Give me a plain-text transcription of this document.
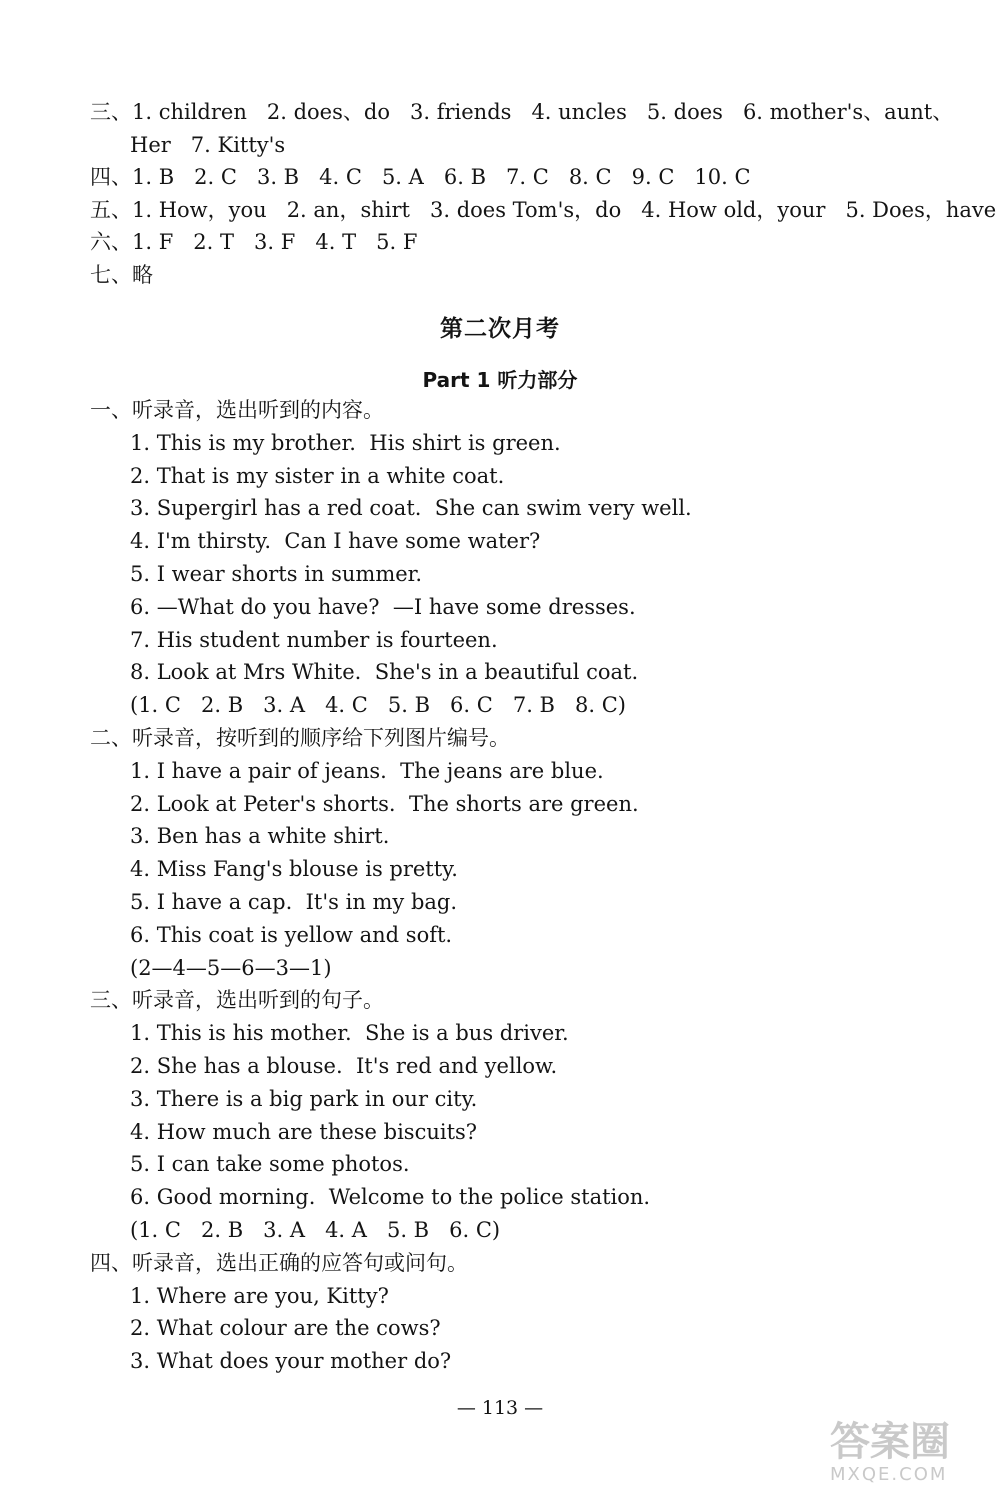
三、1. children   2. does、do   3. friends   4. uncles   5. does   6. mother's、aunt、
Her   7. Kitty's
四、1. B   2. C   3. B   4. C   5. A   6. B   7. C   8. C   9. C   10. C
五、1. How，you   2. an，shirt   3. does Tom's，do   4. How old，your   5. Does，have
六、1. F   2. T   3. F   4. T   5. F
七、略
第二次月考
Part 1 听力部分
一、听录音，选出听到的内容。
1. This is my brother.  His shirt is green.
2. That is my sister in a white coat.
3. Supergirl has a red coat.  She can swim very well.
4. I'm thirsty.  Can I have some water?
5. I wear shorts in summer.
6. —What do you have?  —I have some dresses.
7. His student number is fourteen.
8. Look at Mrs White.  She's in a beautiful coat.
(1. C   2. B   3. A   4. C   5. B   6. C   7. B   8. C)
二、听录音，按听到的顺序给下列图片编号。
1. I have a pair of jeans.  The jeans are blue.
2. Look at Peter's shorts.  The shorts are green.
3. Ben has a white shirt.
4. Miss Fang's blouse is pretty.
5. I have a cap.  It's in my bag.
6. This coat is yellow and soft.
(2—4—5—6—3—1)
三、听录音，选出听到的句子。
1. This is his mother.  She is a bus driver.
2. She has a blouse.  It's red and yellow.
3. There is a big park in our city.
4. How much are these biscuits?
5. I can take some photos.
6. Good morning.  Welcome to the police station.
(1. C   2. B   3. A   4. A   5. B   6. C)
四、听录音，选出正确的应答句或问句。
1. Where are you, Kitty?
2. What colour are the cows?
3. What does your mother do?
— 113 —
答案圈
MXQE.COM
